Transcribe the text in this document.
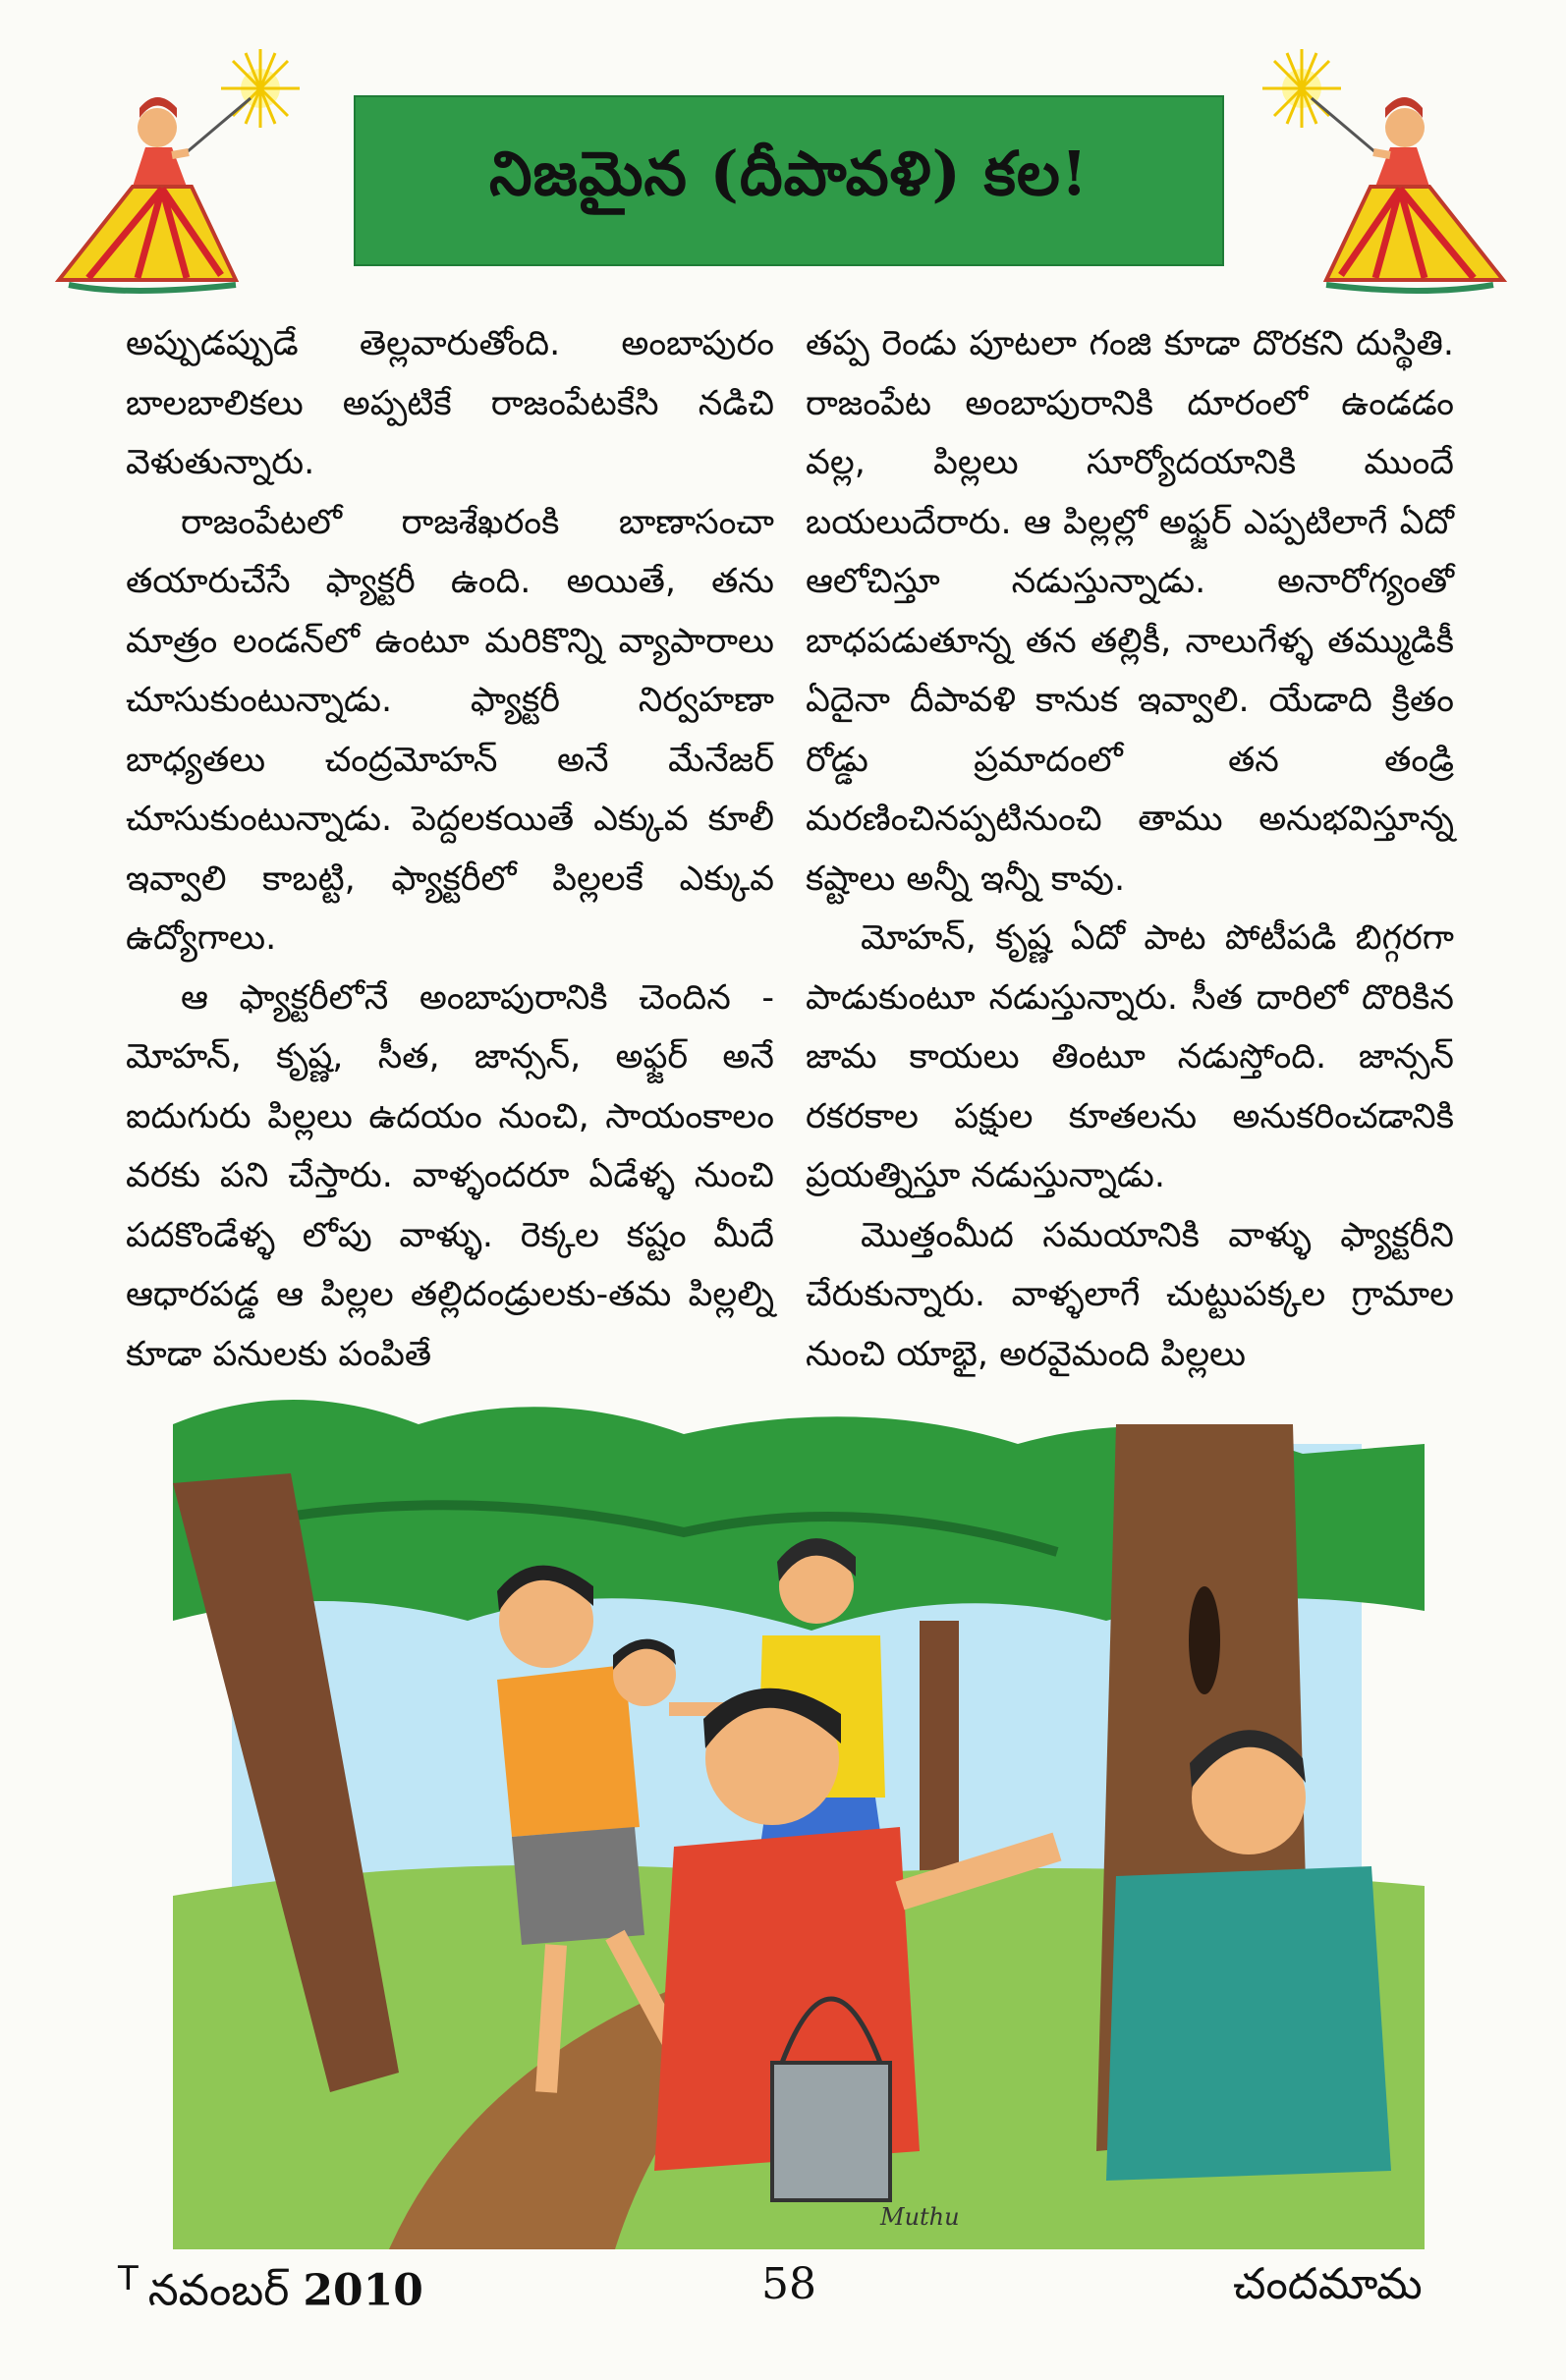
నిజమైన (దీపావళి) కల!

అప్పుడప్పుడే తెల్లవారుతోంది. అంబాపురం బాలబాలికలు అప్పటికే రాజంపేటకేసి నడిచి వెళుతున్నారు.

రాజంపేటలో రాజశేఖరంకి బాణాసంచా తయారుచేసే ఫ్యాక్టరీ ఉంది. అయితే, తను మాత్రం లండన్‌లో ఉంటూ మరికొన్ని వ్యాపారాలు చూసుకుంటున్నాడు. ఫ్యాక్టరీ నిర్వహణా బాధ్యతలు చంద్రమోహన్ అనే మేనేజర్ చూసుకుంటున్నాడు. పెద్దలకయితే ఎక్కువ కూలీ ఇవ్వాలి కాబట్టి, ఫ్యాక్టరీలో పిల్లలకే ఎక్కువ ఉద్యోగాలు.

ఆ ఫ్యాక్టరీలోనే అంబాపురానికి చెందిన - మోహన్, కృష్ణ, సీత, జాన్సన్, అఫ్జర్ అనే ఐదుగురు పిల్లలు ఉదయం నుంచి, సాయంకాలం వరకు పని చేస్తారు. వాళ్ళందరూ ఏడేళ్ళ నుంచి పదకొండేళ్ళ లోపు వాళ్ళు. రెక్కల కష్టం మీదే ఆధారపడ్డ ఆ పిల్లల తల్లిదండ్రులకు-తమ పిల్లల్ని కూడా పనులకు పంపితే

తప్ప రెండు పూటలా గంజి కూడా దొరకని దుస్థితి. రాజంపేట అంబాపురానికి దూరంలో ఉండడం వల్ల, పిల్లలు సూర్యోదయానికి ముందే బయలుదేరారు. ఆ పిల్లల్లో అఫ్జర్ ఎప్పటిలాగే ఏదో ఆలోచిస్తూ నడుస్తున్నాడు. అనారోగ్యంతో బాధపడుతూన్న తన తల్లికీ, నాలుగేళ్ళ తమ్ముడికీ ఏదైనా దీపావళి కానుక ఇవ్వాలి. యేడాది క్రితం రోడ్డు ప్రమాదంలో తన తండ్రి మరణించినప్పటినుంచి తాము అనుభవిస్తూన్న కష్టాలు అన్నీ ఇన్నీ కావు.

మోహన్, కృష్ణ ఏదో పాట పోటీపడి బిగ్గరగా పాడుకుంటూ నడుస్తున్నారు. సీత దారిలో దొరికిన జామ కాయలు తింటూ నడుస్తోంది. జాన్సన్ రకరకాల పక్షుల కూతలను అనుకరించడానికి ప్రయత్నిస్తూ నడుస్తున్నాడు.

మొత్తంమీద సమయానికి వాళ్ళు ఫ్యాక్టరీని చేరుకున్నారు. వాళ్ళలాగే చుట్టుపక్కల గ్రామాల నుంచి యాభై, అరవైమంది పిల్లలు

Muthu
$^T$ నవంబర్ 2010	58	చందమామ
